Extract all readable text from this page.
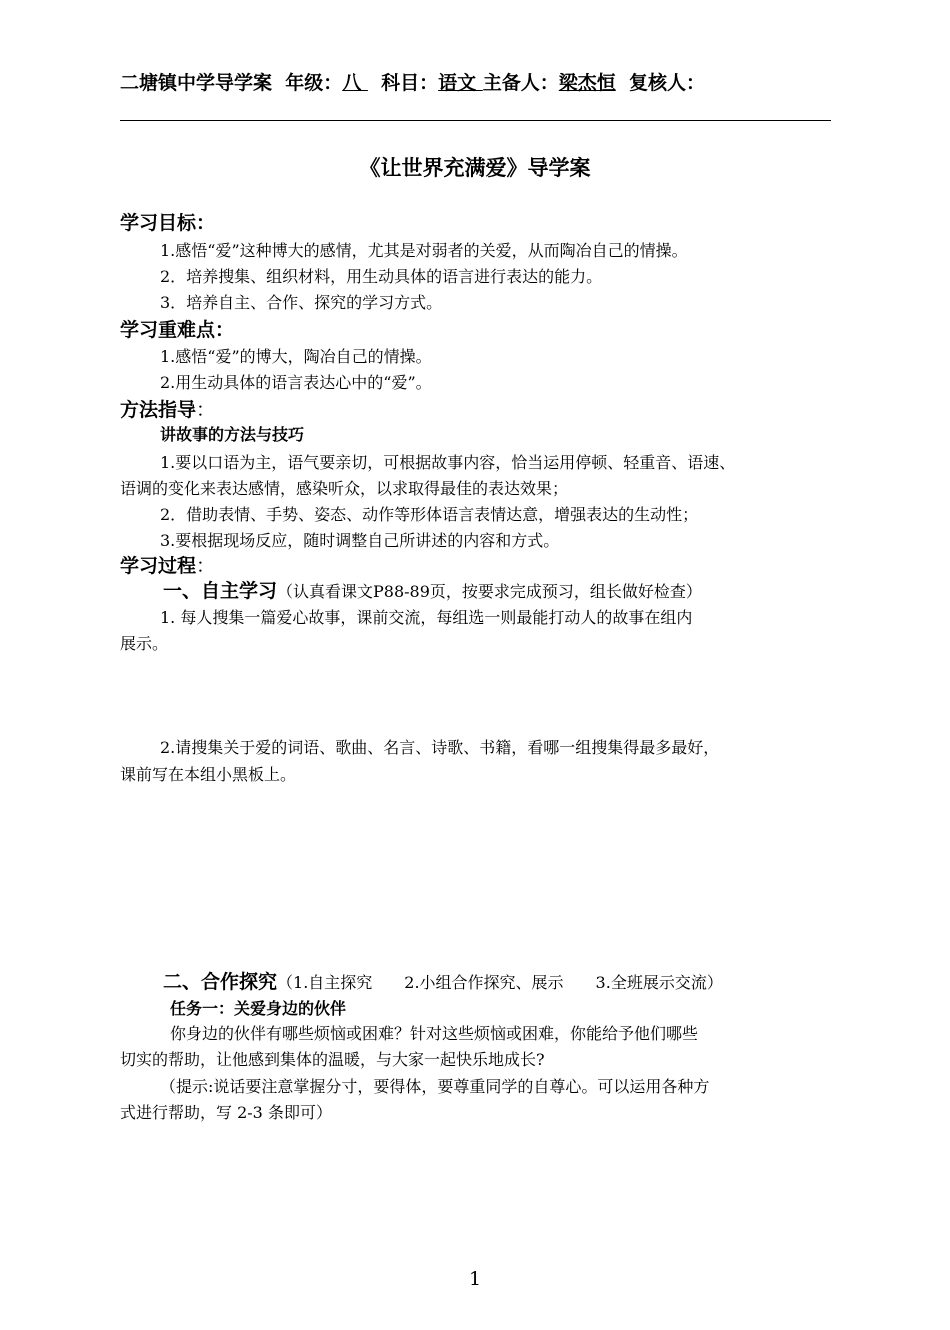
二塘镇中学导学案 年级：八   科目：语文 主备人：梁杰恒 复核人：
《让世界充满爱》导学案
学习目标：
1.感悟“爱”这种博大的感情，尤其是对弱者的关爱，从而陶冶自己的情操。
2．培养搜集、组织材料，用生动具体的语言进行表达的能力。
3．培养自主、合作、探究的学习方式。
学习重难点：
1.感悟“爱”的博大，陶冶自己的情操。
2.用生动具体的语言表达心中的“爱”。
方法指导：
讲故事的方法与技巧
1.要以口语为主，语气要亲切，可根据故事内容，恰当运用停顿、轻重音、语速、
语调的变化来表达感情，感染听众，以求取得最佳的表达效果；
2．借助表情、手势、姿态、动作等形体语言表情达意，增强表达的生动性；
3.要根据现场反应，随时调整自己所讲述的内容和方式。
学习过程：
一、自主学习（认真看课文P88-89页，按要求完成预习，组长做好检查）
1. 每人搜集一篇爱心故事，课前交流，每组选一则最能打动人的故事在组内
展示。
2.请搜集关于爱的词语、歌曲、名言、诗歌、书籍，看哪一组搜集得最多最好，
课前写在本组小黑板上。
二、合作探究（1.自主探究　　2.小组合作探究、展示　　3.全班展示交流）
任务一：关爱身边的伙伴
你身边的伙伴有哪些烦恼或困难？针对这些烦恼或困难，你能给予他们哪些
切实的帮助，让他感到集体的温暖，与大家一起快乐地成长?
（提示:说话要注意掌握分寸，要得体，要尊重同学的自尊心。可以运用各种方
式进行帮助，写 2-3 条即可）
1
